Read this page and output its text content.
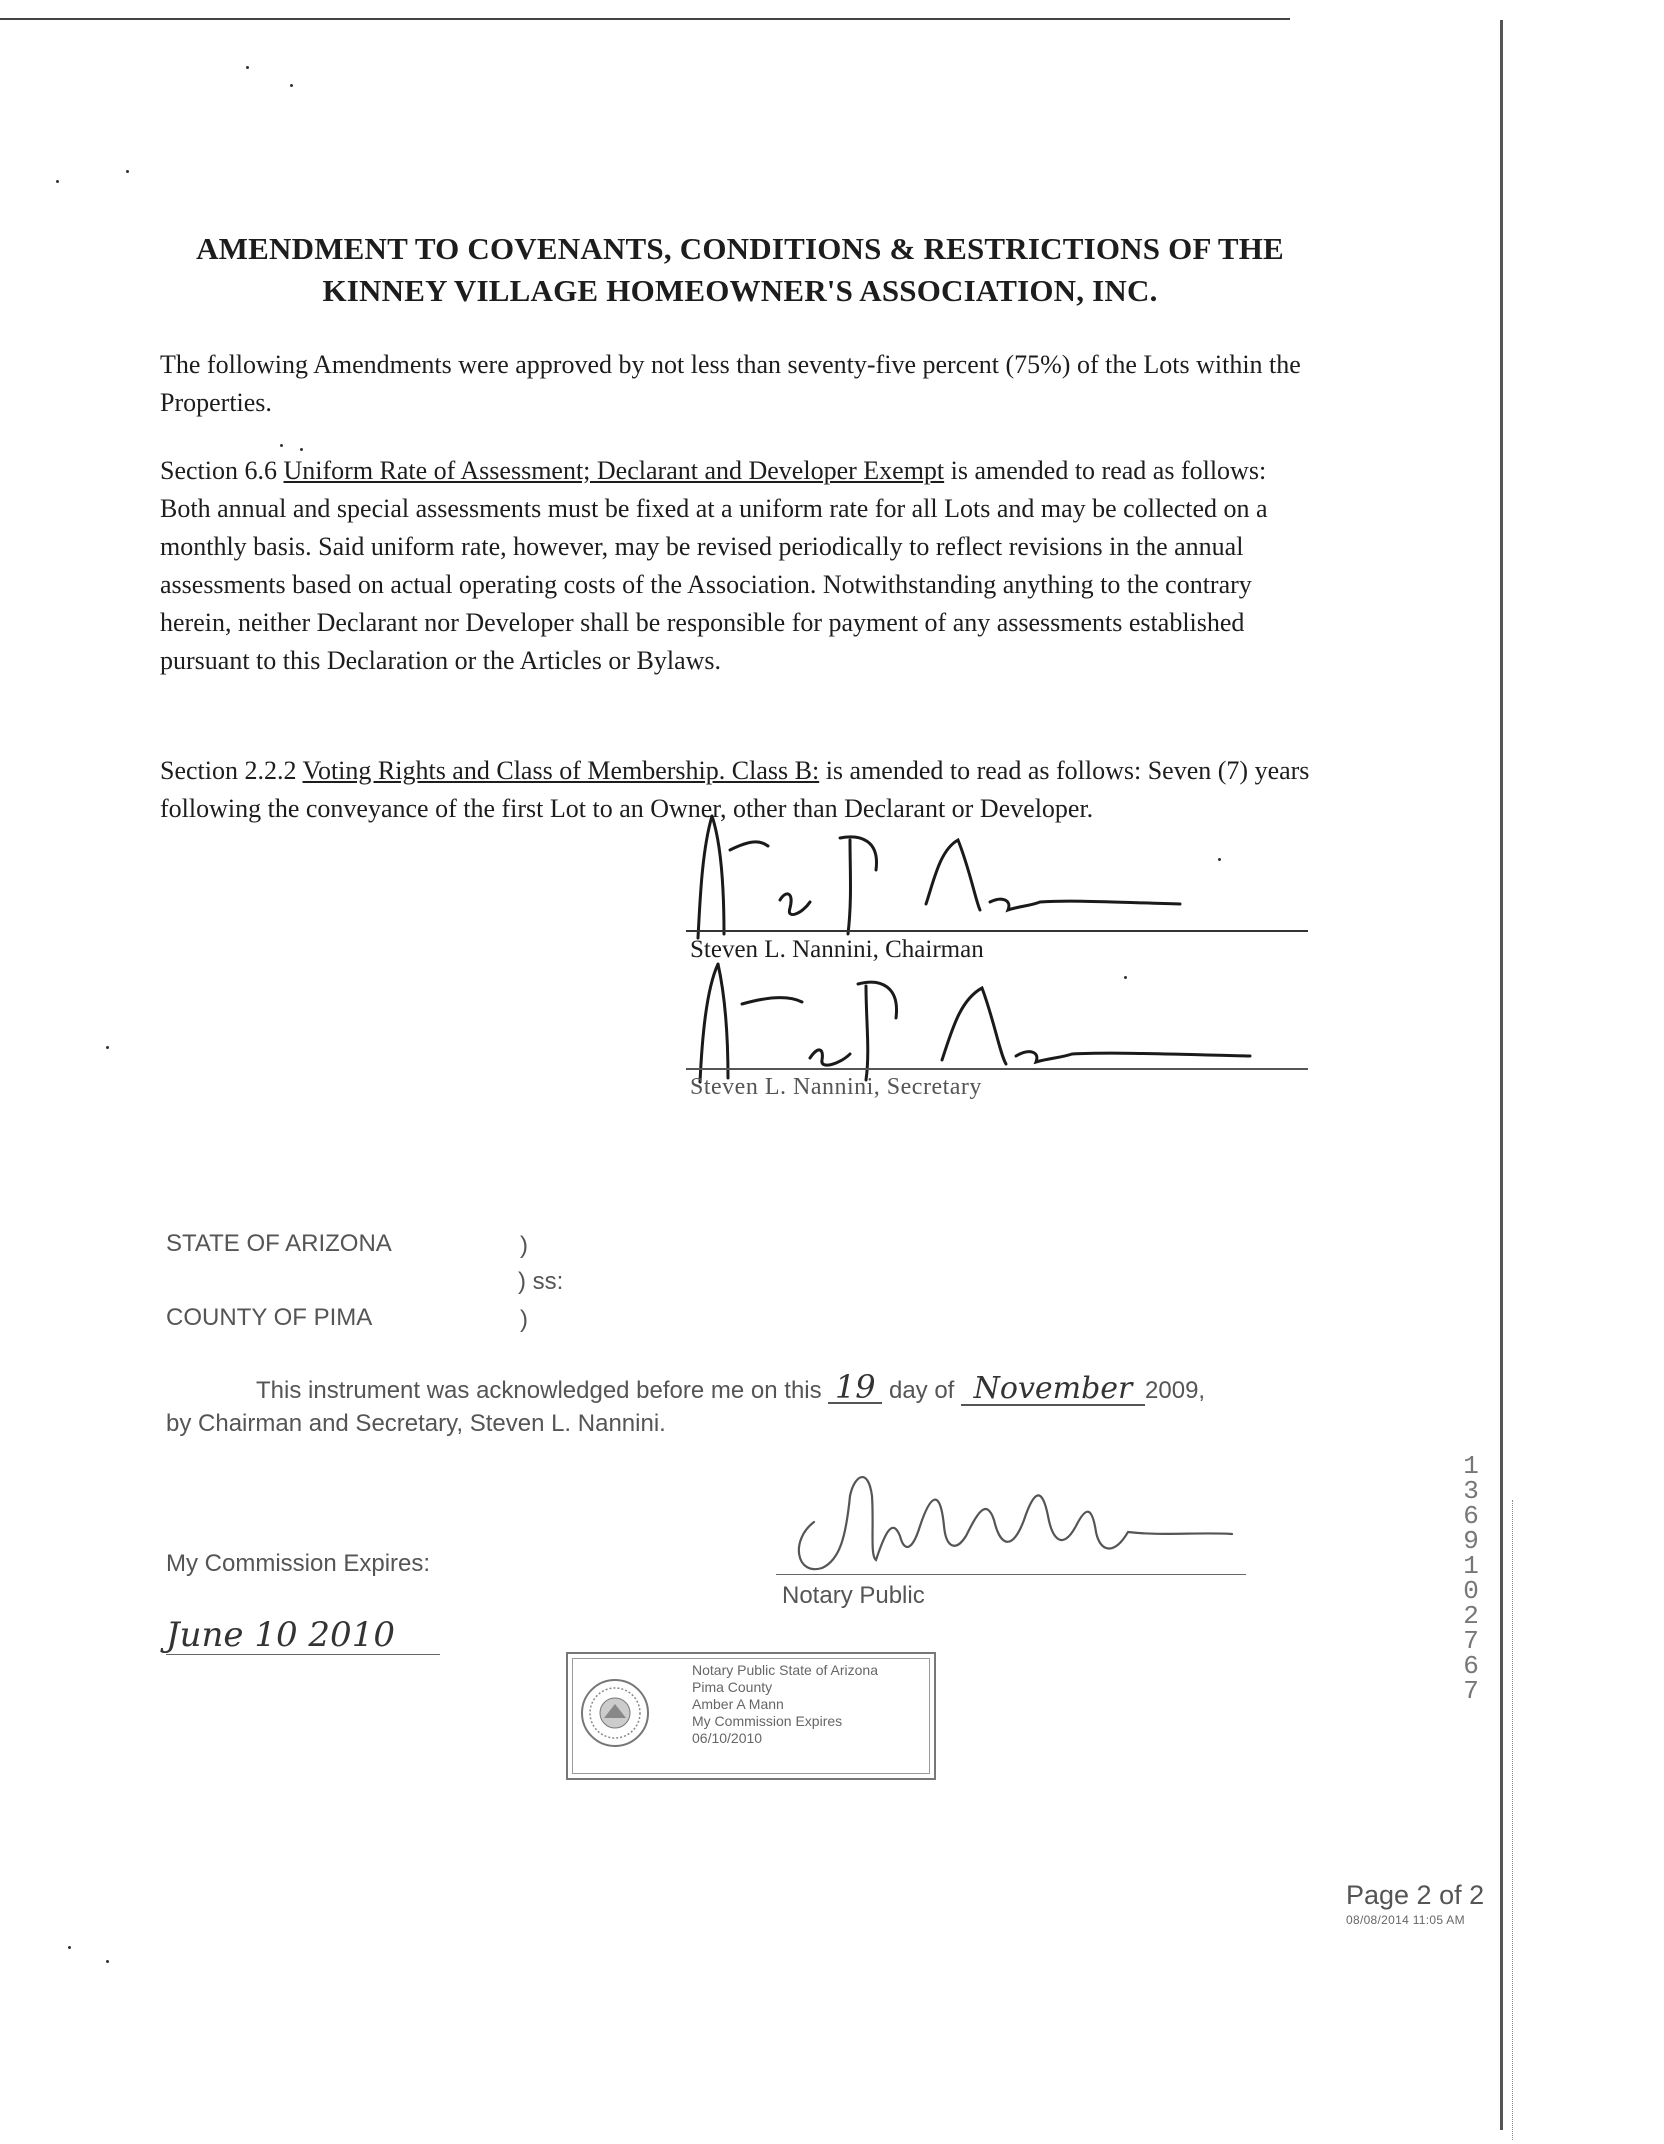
AMENDMENT TO COVENANTS, CONDITIONS & RESTRICTIONS OF THE
KINNEY VILLAGE HOMEOWNER'S ASSOCIATION, INC.
The following Amendments were approved by not less than seventy-five percent (75%) of the Lots within the Properties.
Section 6.6 Uniform Rate of Assessment; Declarant and Developer Exempt is amended to read as follows: Both annual and special assessments must be fixed at a uniform rate for all Lots and may be collected on a monthly basis. Said uniform rate, however, may be revised periodically to reflect revisions in the annual assessments based on actual operating costs of the Association. Notwithstanding anything to the contrary herein, neither Declarant nor Developer shall be responsible for payment of any assessments established pursuant to this Declaration or the Articles or Bylaws.
Section 2.2.2 Voting Rights and Class of Membership. Class B: is amended to read as follows: Seven (7) years following the conveyance of the first Lot to an Owner, other than Declarant or Developer.
Steven L. Nannini, Chairman
Steven L. Nannini, Secretary
STATE OF ARIZONA	)
) ss:
COUNTY OF PIMA	)
This instrument was acknowledged before me on this 19 day of November 2009,
by Chairman and Secretary, Steven L. Nannini.
Notary Public
My Commission Expires:
June 10 2010
Notary Public State of Arizona
Pima County
Amber A Mann
My Commission Expires
06/10/2010
13691 02767
Page 2 of 2
08/08/2014 11:05 AM
